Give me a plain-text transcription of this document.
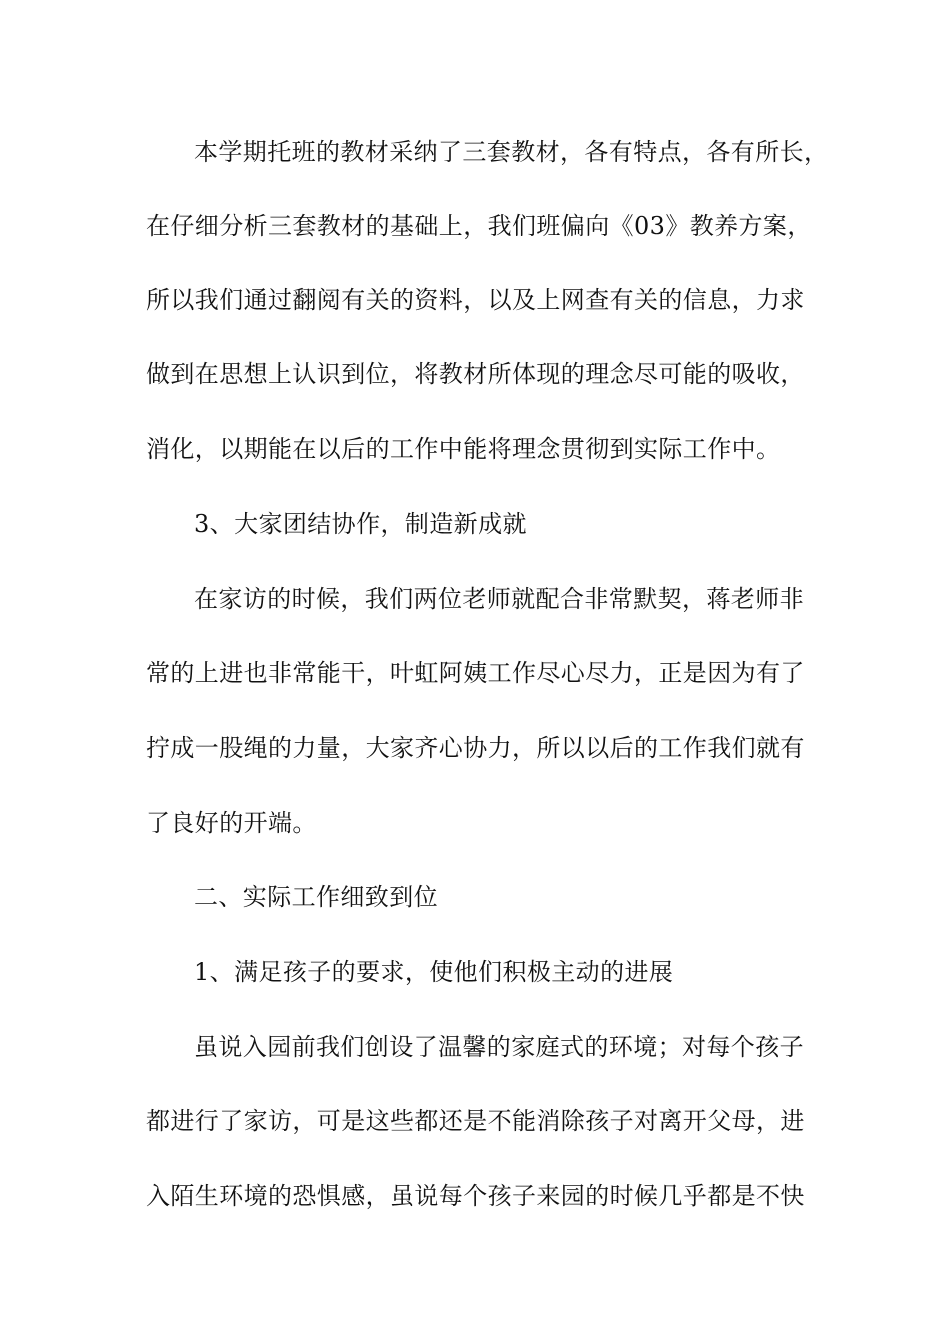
本学期托班的教材采纳了三套教材，各有特点，各有所长，
在仔细分析三套教材的基础上，我们班偏向《03》教养方案，
所以我们通过翻阅有关的资料，以及上网查有关的信息，力求
做到在思想上认识到位，将教材所体现的理念尽可能的吸收，
消化，以期能在以后的工作中能将理念贯彻到实际工作中。
3、大家团结协作，制造新成就
在家访的时候，我们两位老师就配合非常默契，蒋老师非
常的上进也非常能干，叶虹阿姨工作尽心尽力，正是因为有了
拧成一股绳的力量，大家齐心协力，所以以后的工作我们就有
了良好的开端。
二、实际工作细致到位
1、满足孩子的要求，使他们积极主动的进展
虽说入园前我们创设了温馨的家庭式的环境；对每个孩子
都进行了家访，可是这些都还是不能消除孩子对离开父母，进
入陌生环境的恐惧感，虽说每个孩子来园的时候几乎都是不快
